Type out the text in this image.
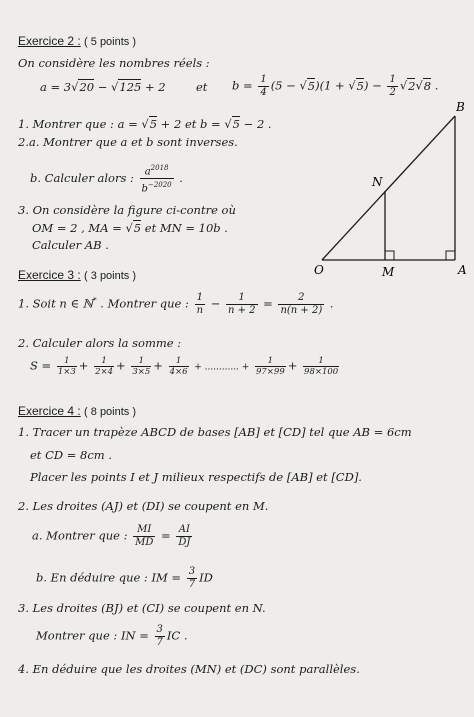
Exercice 2 : ( 5 points )
On considère les nombres réels :
a = 3√20 − √125 + 2	et $b = \frac{1}{4} (5 - √5)(1 + √5) - \frac{1}{2} √2√8$ .
1. Montrer que : a = √5 + 2 et b = √5 − 2 .
2.a. Montrer que a et b sont inverses.
b. Calculer alors : $\frac{a^{2018}}{b^{-2020}}$ .
3. On considère la figure ci-contre où
OM = 2 , MA = √5 et MN = 10b .
Calculer AB .
B
N
O	M	A
Exercice 3 : ( 3 points )
1. Soit n ∈ ℕ* . Montrer que : $\frac{1}{n} - \frac{1}{n + 2} = \frac{2}{n(n + 2)}$ .
2. Calculer alors la somme :
$S = \frac{1}{1\times 3} + \frac{1}{2\times 4} + \frac{1}{3\times 5} + \frac{1}{4\times 6}$ + ............ + $\frac{1}{97\times 99} + \frac{1}{98\times 100}$
Exercice 4 : ( 8 points )
1. Tracer un trapèze ABCD de bases [AB] et [CD] tel que AB = 6cm
et CD = 8cm .
Placer les points I et J milieux respectifs de [AB] et [CD].
2. Les droites (AJ) et (DI) se coupent en M.
a. Montrer que : $\frac{MI}{MD} = \frac{AI}{DJ}$
b. En déduire que : IM = $\frac{3}{7}$ ID
3. Les droites (BJ) et (CI) se coupent en N.
Montrer que : IN = $\frac{3}{7}$ IC .
4. En déduire que les droites (MN) et (DC) sont parallèles.
